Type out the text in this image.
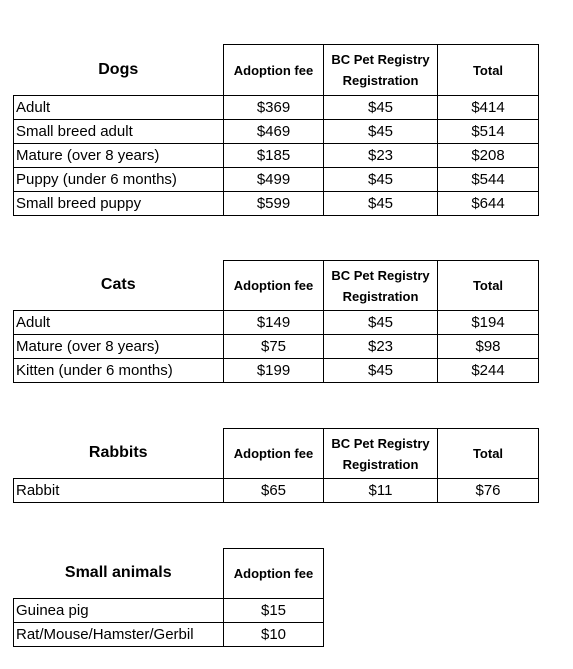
Dogs	Adoption fee	BC Pet Registry Registration	Total
Adult	$369	$45	$414
Small breed adult	$469	$45	$514
Mature (over 8 years)	$185	$23	$208
Puppy (under 6 months)	$499	$45	$544
Small breed puppy	$599	$45	$644
Cats	Adoption fee	BC Pet Registry Registration	Total
Adult	$149	$45	$194
Mature (over 8 years)	$75	$23	$98
Kitten (under 6 months)	$199	$45	$244
Rabbits	Adoption fee	BC Pet Registry Registration	Total
Rabbit	$65	$11	$76
Small animals	Adoption fee
Guinea pig	$15
Rat/Mouse/Hamster/Gerbil	$10
